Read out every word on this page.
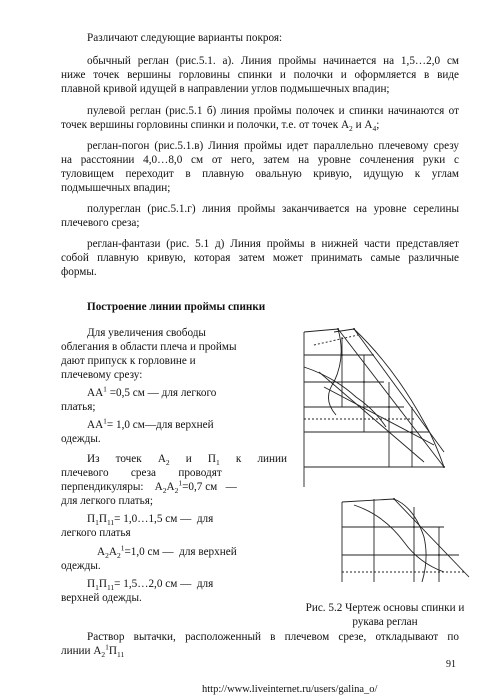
Различают следующие варианты покроя:
обычный реглан (рис.5.1. а). Линия проймы начинается на 1,5…2,0 см
ниже точек вершины горловины спинки и полочки и оформляется в виде
плавной кривой идущей в направлении углов подмышечных впадин;
пулевой реглан (рис.5.1 б) линия проймы полочек и спинки начинаются от
точек вершины горловины спинки и полочки, т.е. от точек $А_2$ и $А_4$;
реглан-погон (рис.5.1.в) Линия проймы идет параллельно плечевому срезу
на расстоянии 4,0…8,0 см от него, затем на уровне сочленения руки с
туловищем переходит в плавную овальную кривую, идущую к углам
подмышечных впадин;
полуреглан (рис.5.1.г) линия проймы заканчивается на уровне серелины
плечевого среза;
реглан-фантази (рис. 5.1 д) Линия проймы в нижней части представляет
собой плавную кривую, которая затем может принимать самые различные
формы.
Построение линии проймы спинки
Для увеличения свободы
облегания в области плеча и проймы
дают припуск к горловине и
плечевому срезу:
$АА^1 =0,5$ см — для легкого
платья;
$АА^1= 1,0$ см—для верхней
одежды.
Из точек $А_2$ и $П_1$ к линии
плечевого        среза        проводят
перпендикуляры:    $А_2А_2^1=0,7$ см   —
для легкого платья;
$П_1П_{11}=$ 1,0…1,5 см —  для
легкого платья
$А_2А_2^1=1,0$ см —  для верхней
одежды.
$П_1П_{11}=$ 1,5…2,0 см —  для
верхней одежды.
Рис. 5.2 Чертеж основы спинки и рукава реглан
Раствор вытачки, расположенный в плечевом срезе, откладывают по
линии $А_2^1П_{11}$
91
http://www.liveinternet.ru/users/galina_o/
